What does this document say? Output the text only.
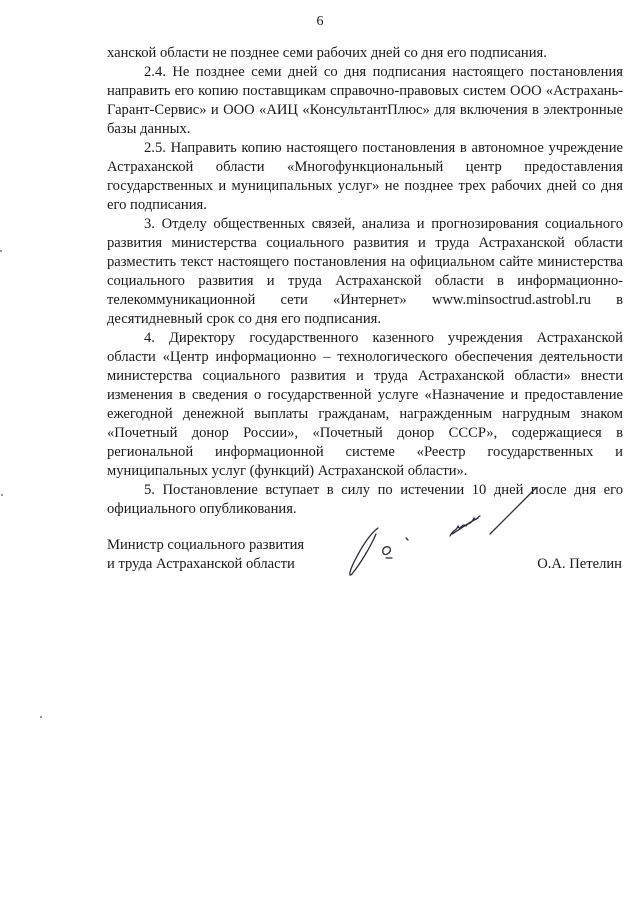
6

ханской области не позднее семи рабочих дней со дня его подписания.

2.4. Не позднее семи дней со дня подписания настоящего постановления направить его копию поставщикам справочно-правовых систем ООО «Астрахань-Гарант-Сервис» и ООО «АИЦ «КонсультантПлюс» для включения в электронные базы данных.

2.5. Направить копию настоящего постановления в автономное учреждение Астраханской области «Многофункциональный центр предоставления государственных и муниципальных услуг» не позднее трех рабочих дней со дня его подписания.

3. Отделу общественных связей, анализа и прогнозирования социального развития министерства социального развития и труда Астраханской области разместить текст настоящего постановления на официальном сайте министерства социального развития и труда Астраханской области в информационно-телекоммуникационной сети «Интернет» www.minsoctrud.astrobl.ru в десятидневный срок со дня его подписания.

4. Директору государственного казенного учреждения Астраханской области «Центр информационно – технологического обеспечения деятельности министерства социального развития и труда Астраханской области» внести изменения в сведения о государственной услуге «Назначение и предоставление ежегодной денежной выплаты гражданам, награжденным нагрудным знаком «Почетный донор России», «Почетный донор СССР», содержащиеся в региональной информационной системе «Реестр государственных и муниципальных услуг (функций) Астраханской области».

5. Постановление вступает в силу по истечении 10 дней после дня его официального опубликования.

Министр социального развития
и труда Астраханской области	О.А. Петелин
